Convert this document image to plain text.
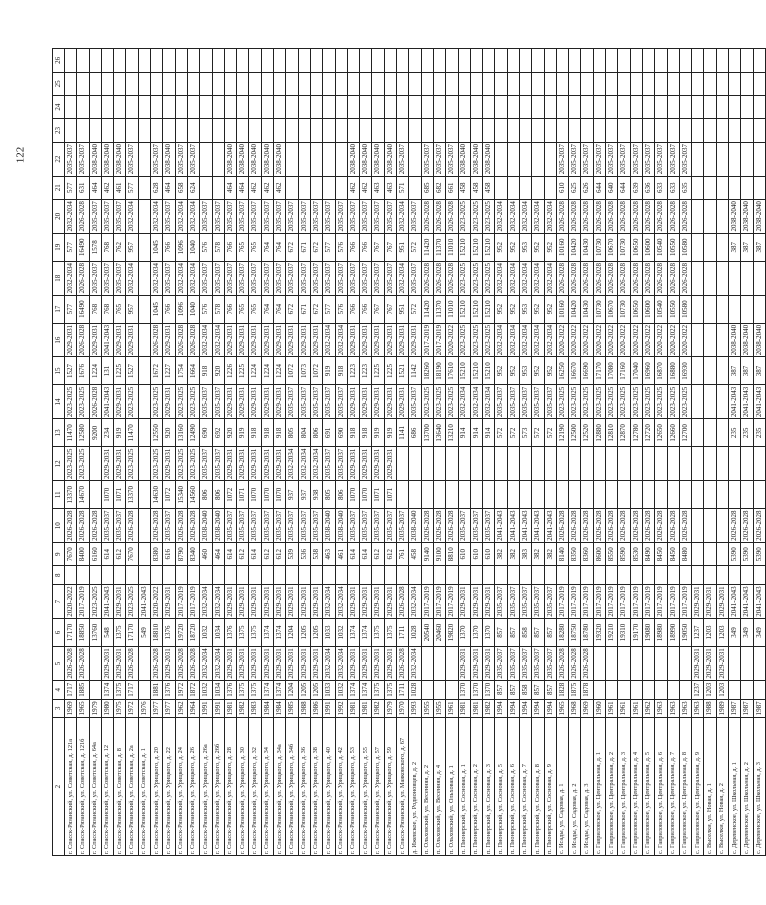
122
2	3	4	5	6	7	8	9	10	11	12	13	14	15	16	17	18	19	20	21	22	23	24	25	26
г. Спасск-Рязанский, ул. Советская, д. 121а	1969	1717	2026-2028	17170	2020-2022		7670	2026-2028	13370	2023-2025	11470	2023-2025	1527	2029-2031	577	2032-2034	577	2032-2034	577	2035-2037				
г. Спасск-Рязанский, ул. Советская, д. 121б	1965	1885	2026-2028	18850	2017-2019		8400	2026-2028	14670	2023-2025	12580	2023-2025	1676	2026-2028	16490	2026-2028	16490	2026-2028	631	2035-2037				
г. Спасск-Рязанский, ул. Советская, д. 64а	1979			13760	2023-2025		6160	2026-2028			9200	2026-2028	1224	2029-2031	768	2035-2037	1578	2035-2037	464	2038-2040				
г. Спасск-Рязанский, ул. Советская, д. 12	1980	1374	2029-2031	548	2041-2043		614	2035-2037	1070	2029-2031	234	2041-2043	131	2041-2043	768	2035-2037	768	2035-2037	462	2038-2040				
г. Спасск-Рязанский, ул. Советская, д. 8	1975	1375	2029-2031	1375	2029-2031		612	2035-2037	1071	2029-2031	919	2029-2031	1225	2029-2031	765	2035-2037	762	2035-2037	461	2038-2040				
г. Спасск-Рязанский, ул. Советская, д. 2а	1972	1717	2026-2028	17170	2023-2025		7670	2026-2028	13370	2023-2025	11470	2023-2025	1527	2029-2031	957	2032-2034	957	2032-2034	577	2035-2037				
г. Спасск-Рязанский, ул. Советская, д. 1	1976			549	2041-2043																			
г. Спасск-Рязанский, ул. Урицкого, д. 20	1977	1881	2026-2028	18810	2020-2022		8380	2026-2028	14630	2023-2025	12550	2023-2025	1672	2026-2028	1045	2032-2034	1045	2032-2034	628	2035-2037				
г. Спасск-Рязанский, ул. Урицкого, д. 22	1977	1376	2029-2031	1376	2029-2031		616	2035-2037	1072	2029-2031	920	2029-2031	1227	2029-2031	766	2035-2037	766	2035-2037	464	2038-2040				
г. Спасск-Рязанский, ул. Урицкого, д. 24	1962	1972	2026-2028	19720	2017-2019		8790	2026-2028	15340	2023-2025	13160	2023-2025	1754	2026-2028	1096	2032-2034	1096	2032-2034	658	2035-2037				
г. Спасск-Рязанский, ул. Урицкого, д. 26	1964	1872	2026-2028	18720	2017-2019		8340	2026-2028	14560	2023-2025	12490	2023-2025	1664	2026-2028	1040	2032-2034	1040	2032-2034	624	2035-2037				
г. Спасск-Рязанский, ул. Урицкого, д. 26а	1991	1032	2032-2034	1032	2032-2034		460	2038-2040	806	2035-2037	690	2035-2037	918	2032-2034	576	2035-2037	576	2035-2037						
г. Спасск-Рязанский, ул. Урицкого, д. 26б	1991	1034	2032-2034	1034	2032-2034		464	2038-2040	806	2035-2037	692	2035-2037	920	2032-2034	578	2035-2037	578	2035-2037						
г. Спасск-Рязанский, ул. Урицкого, д. 28	1981	1376	2029-2031	1376	2029-2031		614	2035-2037	1072	2029-2031	920	2029-2031	1226	2029-2031	766	2035-2037	766	2035-2037	464	2038-2040				
г. Спасск-Рязанский, ул. Урицкого, д. 30	1982	1375	2029-2031	1375	2029-2031		612	2035-2037	1071	2029-2031	919	2029-2031	1225	2029-2031	765	2035-2037	765	2035-2037	464	2038-2040				
г. Спасск-Рязанский, ул. Урицкого, д. 32	1983	1375	2029-2031	1375	2029-2031		614	2035-2037	1070	2029-2031	918	2029-2031	1224	2029-2031	765	2035-2037	765	2035-2037	462	2038-2040				
г. Спасск-Рязанский, ул. Урицкого, д. 34	1984	1374	2029-2031	1374	2029-2031		612	2035-2037	1070	2029-2031	918	2029-2031	1224	2029-2031	764	2035-2037	764	2035-2037	462	2038-2040				
г. Спасск-Рязанский, ул. Урицкого, д. 34а	1984	1374	2029-2031	1374	2029-2031		612	2035-2037	1070	2029-2031	918	2029-2031	1224	2029-2031	764	2035-2037	764	2035-2037	462	2038-2040				
г. Спасск-Рязанский, ул. Урицкого, д. 34б	1985	1204	2029-2031	1204	2029-2031		539	2035-2037	937	2032-2034	805	2035-2037	1072	2029-2031	672	2035-2037	672	2035-2037						
г. Спасск-Рязанский, ул. Урицкого, д. 36	1988	1205	2029-2031	1205	2029-2031		536	2035-2037	937	2032-2034	804	2035-2037	1073	2029-2031	671	2035-2037	671	2035-2037						
г. Спасск-Рязанский, ул. Урицкого, д. 38	1986	1205	2029-2031	1205	2029-2031		538	2035-2037	938	2032-2034	806	2035-2037	1072	2029-2031	672	2035-2037	672	2035-2037						
г. Спасск-Рязанский, ул. Урицкого, д. 40	1991	1033	2032-2034	1033	2032-2034		463	2038-2040	805	2035-2037	691	2035-2037	919	2032-2034	577	2035-2037	577	2035-2037						
г. Спасск-Рязанский, ул. Урицкого, д. 42	1992	1032	2032-2034	1032	2032-2034		461	2038-2040	806	2035-2037	690	2035-2037	918	2032-2034	576	2035-2037	576	2035-2037						
г. Спасск-Рязанский, ул. Урицкого, д. 53	1981	1374	2029-2031	1374	2029-2031		614	2035-2037	1070	2029-2031	918	2029-2031	1223	2029-2031	766	2035-2037	766	2035-2037	462	2038-2040				
г. Спасск-Рязанский, ул. Урицкого, д. 55	1981	1374	2029-2031	1374	2029-2031		614	2035-2037	1070	2029-2031	918	2029-2031	1223	2029-2031	766	2035-2037	766	2035-2037	462	2038-2040				
г. Спасск-Рязанский, ул. Урицкого, д. 57	1982	1375	2029-2031	1375	2029-2031		612	2035-2037	1071	2029-2031	919	2029-2031	1225	2029-2031	767	2035-2037	767	2035-2037	463	2038-2040				
г. Спасск-Рязанский, ул. Урицкого, д. 59	1979	1375	2029-2031	1375	2029-2031		612	2035-2037	1071	2029-2031	919	2029-2031	1225	2029-2031	767	2035-2037	767	2035-2037	463	2038-2040				
г. Спасск-Рязанский, ул. Маяковского, д. 67	1970	1711	2026-2028	1711	2026-2028		761	2035-2037			1141	2029-2031	1521	2029-2031	951	2032-2034	951	2032-2034	571	2035-2037				
д. Ижевское, ул. Родионовцев, д. 2	1993	1028	2032-2034	1028	2032-2034		458	2038-2040			686	2035-2037	1142	2029-2031	572	2035-2037	572	2035-2037						
п. Ольховский, ул. Весенняя, д. 2	1955			20540	2017-2019		9140	2026-2028			13700	2023-2025	18260	2017-2019	11420	2026-2028	11420	2026-2028	685	2035-2037				
п. Ольховский, ул. Весенняя, д. 4	1955			20460	2017-2019		9100	2026-2028			13640	2023-2025	18190	2017-2019	11370	2026-2028	11370	2026-2028	682	2035-2037				
п. Ольховский, ул. Ольховая, д. 1	1961			19820	2017-2019		8810	2026-2028			13210	2023-2025	17610	2020-2022	11010	2026-2028	11010	2026-2028	661	2035-2037				
п. Пионерский, ул. Сосновая, д. 1	1981	1370	2029-2031	1370	2029-2031		610	2035-2037			914	2032-2034	15210	2023-2025	15210	2023-2025	15210	2023-2025	458	2038-2040				
п. Пионерский, ул. Сосновая, д. 2	1981	1370	2029-2031	1370	2029-2031		610	2035-2037			914	2032-2034	15210	2023-2025	15210	2023-2025	15210	2023-2025	458	2038-2040				
п. Пионерский, ул. Сосновая, д. 3	1982	1370	2029-2031	1370	2029-2031		610	2035-2037			914	2032-2034	15210	2023-2025	15210	2023-2025	15210	2023-2025	458	2038-2040				
п. Пионерский, ул. Сосновая, д. 5	1994	857	2035-2037	857	2035-2037		382	2041-2043			572	2035-2037	952	2032-2034	952	2032-2034	952	2032-2034						
п. Пионерский, ул. Сосновая, д. 6	1994	857	2035-2037	857	2035-2037		382	2041-2043			572	2035-2037	952	2032-2034	952	2032-2034	952	2032-2034						
п. Пионерский, ул. Сосновая, д. 7	1994	858	2035-2037	858	2035-2037		383	2041-2043			573	2035-2037	953	2032-2034	953	2032-2034	953	2032-2034						
п. Пионерский, ул. Сосновая, д. 8	1994	857	2035-2037	857	2035-2037		382	2041-2043			572	2035-2037	952	2032-2034	952	2032-2034	952	2032-2034						
п. Пионерский, ул. Сосновая, д. 9	1994	857	2035-2037	857	2035-2037		382	2041-2043			572	2035-2037	952	2032-2034	952	2032-2034	952	2032-2034						
с. Исады, ул. Садовая, д. 1	1965	1828	2026-2028	18280	2017-2019		8140	2026-2028			12190	2023-2025	16250	2020-2022	10160	2026-2028	10160	2026-2028	610	2035-2037				
с. Исады, ул. Садовая, д. 2	1968	1875	2026-2028	18750	2017-2019		8350	2026-2028			12500	2023-2025	16670	2020-2022	10420	2026-2028	10420	2026-2028	625	2035-2037				
с. Исады, ул. Садовая, д. 3	1969	1878	2026-2028	18780	2017-2019		8360	2026-2028			12520	2023-2025	16690	2020-2022	10430	2026-2028	10430	2026-2028	626	2035-2037				
с. Гавриловское, ул. Центральная, д. 1	1960			19320	2017-2019		8600	2026-2028			12880	2023-2025	17170	2020-2022	10730	2026-2028	10730	2026-2028	644	2035-2037				
с. Гавриловское, ул. Центральная, д. 2	1961			19210	2017-2019		8550	2026-2028			12810	2023-2025	17080	2020-2022	10670	2026-2028	10670	2026-2028	640	2035-2037				
с. Гавриловское, ул. Центральная, д. 3	1961			19310	2017-2019		8590	2026-2028			12870	2023-2025	17160	2020-2022	10730	2026-2028	10730	2026-2028	644	2035-2037				
с. Гавриловское, ул. Центральная, д. 4	1961			19170	2017-2019		8530	2026-2028			12780	2023-2025	17040	2020-2022	10650	2026-2028	10650	2026-2028	639	2035-2037				
с. Гавриловское, ул. Центральная, д. 5	1962			19080	2017-2019		8490	2026-2028			12720	2023-2025	16960	2020-2022	10600	2026-2028	10600	2026-2028	636	2035-2037				
с. Гавриловское, ул. Центральная, д. 6	1963			18980	2017-2019		8450	2026-2028			12650	2023-2025	16870	2020-2022	10540	2026-2028	10540	2026-2028	633	2035-2037				
с. Гавриловское, ул. Центральная, д. 7	1963			18990	2017-2019		8450	2026-2028			12660	2023-2025	16880	2020-2022	10550	2026-2028	10550	2026-2028	633	2035-2037				
с. Гавриловское, ул. Центральная, д. 8	1963			19050	2017-2019		8480	2026-2028			12700	2023-2025	16930	2020-2022	10580	2026-2028	10580	2026-2028	635	2035-2037				
с. Гавриловское, ул. Центральная, д. 9	1963	1237	2029-2031	1237	2029-2031																			
с. Выселки, ул. Новая, д. 1	1988	1203	2029-2031	1203	2029-2031																			
с. Выселки, ул. Новая, д. 2	1989	1203	2029-2031	1203	2029-2031																			
с. Деревенское, ул. Школьная, д. 1	1987			349	2041-2043		5390	2026-2028			235	2041-2043	387	2038-2040			387	2038-2040						
с. Деревенское, ул. Школьная, д. 2	1987			349	2041-2043		5390	2026-2028			235	2041-2043	387	2038-2040			387	2038-2040						
с. Деревенское, ул. Школьная, д. 3	1987			349	2041-2043		5390	2026-2028			235	2041-2043	387	2038-2040			387	2038-2040						
